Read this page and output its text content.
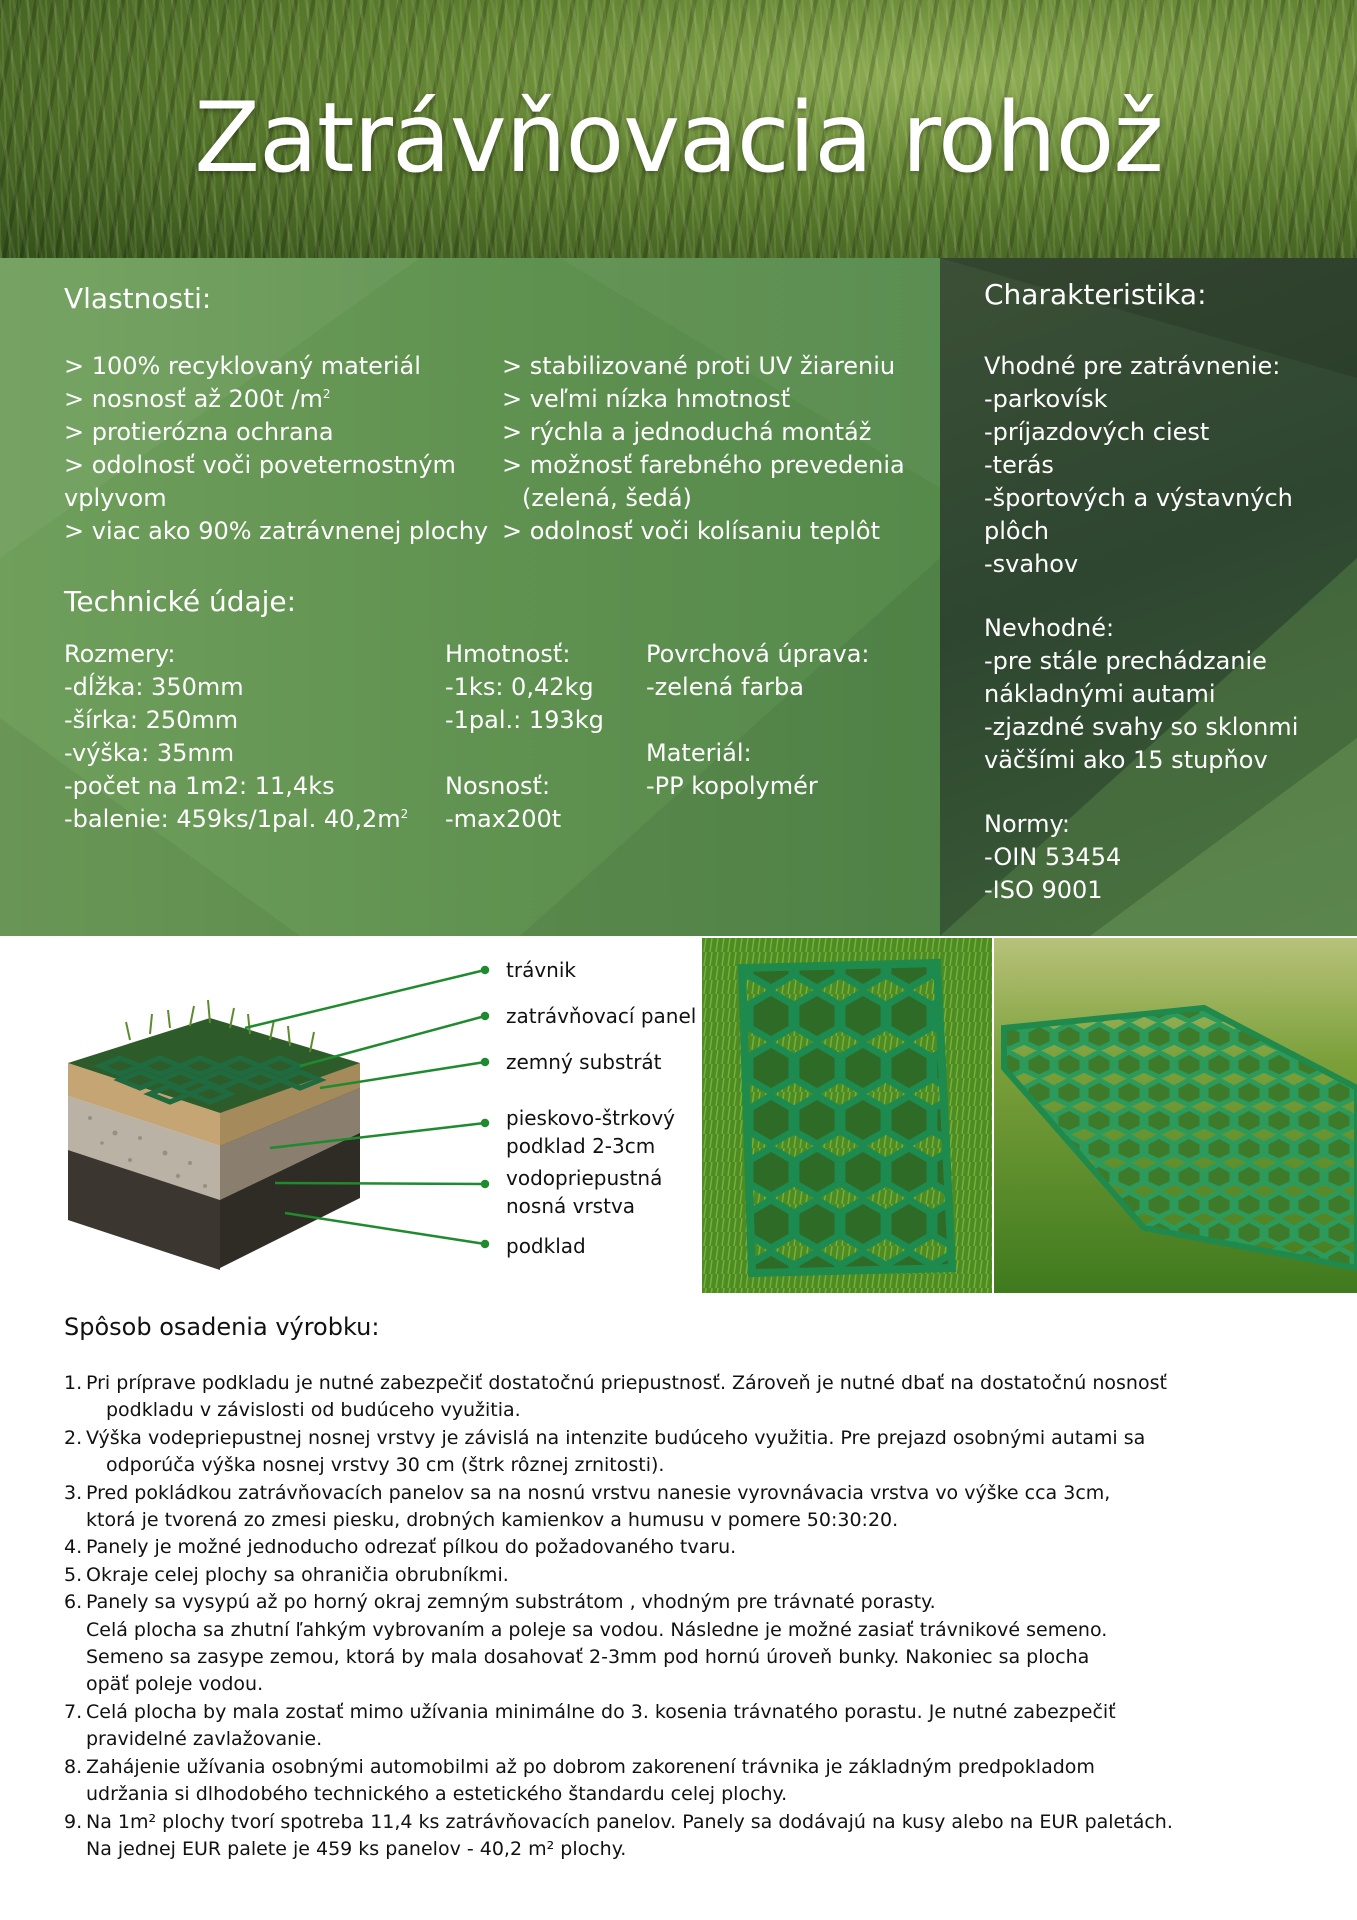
Zatrávňovacia rohož
Vlastnosti:
> 100% recyklovaný materiál
> nosnosť až 200t $/m^2$
> protierózna ochrana
> odolnosť voči poveternostným
vplyvom
> viac ako 90% zatrávnenej plochy
> stabilizované proti UV žiareniu
> veľmi nízka hmotnosť
> rýchla a jednoduchá montáž
> možnosť farebného prevedenia
(zelená, šedá)
> odolnosť voči kolísaniu teplôt
Technické údaje:
Rozmery:
-dĺžka: 350mm
-šírka: 250mm
-výška: 35mm
-počet na 1m2: 11,4ks
-balenie: 459ks/1pal. $40,2m^2$
Hmotnosť:
-1ks: 0,42kg
-1pal.: 193kg
Nosnosť:
-max200t
Povrchová úprava:
-zelená farba
Materiál:
-PP kopolymér
Charakteristika:
Vhodné pre zatrávnenie:
-parkovísk
-príjazdových ciest
-terás
-športových a výstavných
plôch
-svahov
Nevhodné:
-pre stále prechádzanie
nákladnými autami
-zjazdné svahy so sklonmi
väčšími ako 15 stupňov
Normy:
-OIN 53454
-ISO 9001
trávnik
zatrávňovací panel
zemný substrát
pieskovo-štrkový
podklad 2-3cm
vodopriepustná
nosná vrstva
podklad
Spôsob osadenia výrobku:
1. Pri príprave podkladu je nutné zabezpečiť dostatočnú priepustnosť. Zároveň je nutné dbať na dostatočnú nosnosť
podkladu v závislosti od budúceho využitia.
2. Výška vodepriepustnej nosnej vrstvy je závislá na intenzite budúceho využitia. Pre prejazd osobnými autami sa
odporúča výška nosnej vrstvy 30 cm (štrk rôznej zrnitosti).
3. Pred pokládkou zatrávňovacích panelov sa na nosnú vrstvu nanesie vyrovnávacia vrstva vo výške cca 3cm,
ktorá je tvorená zo zmesi piesku, drobných kamienkov a humusu v pomere 50:30:20.
4. Panely je možné jednoducho odrezať pílkou do požadovaného tvaru.
5. Okraje celej plochy sa ohraničia obrubníkmi.
6. Panely sa vysypú až po horný okraj zemným substrátom , vhodným pre trávnaté porasty.
Celá plocha sa zhutní ľahkým vybrovaním a poleje sa vodou. Následne je možné zasiať trávnikové semeno.
Semeno sa zasype zemou, ktorá by mala dosahovať 2-3mm pod hornú úroveň bunky. Nakoniec sa plocha
opäť poleje vodou.
7. Celá plocha by mala zostať mimo užívania minimálne do 3. kosenia trávnatého porastu. Je nutné zabezpečiť
pravidelné zavlažovanie.
8. Zahájenie užívania osobnými automobilmi až po dobrom zakorenení trávnika je základným predpokladom
udržania si dlhodobého technického a estetického štandardu celej plochy.
9. Na 1m² plochy tvorí spotreba 11,4 ks zatrávňovacích panelov. Panely sa dodávajú na kusy alebo na EUR paletách.
Na jednej EUR palete je 459 ks panelov - 40,2 m² plochy.
